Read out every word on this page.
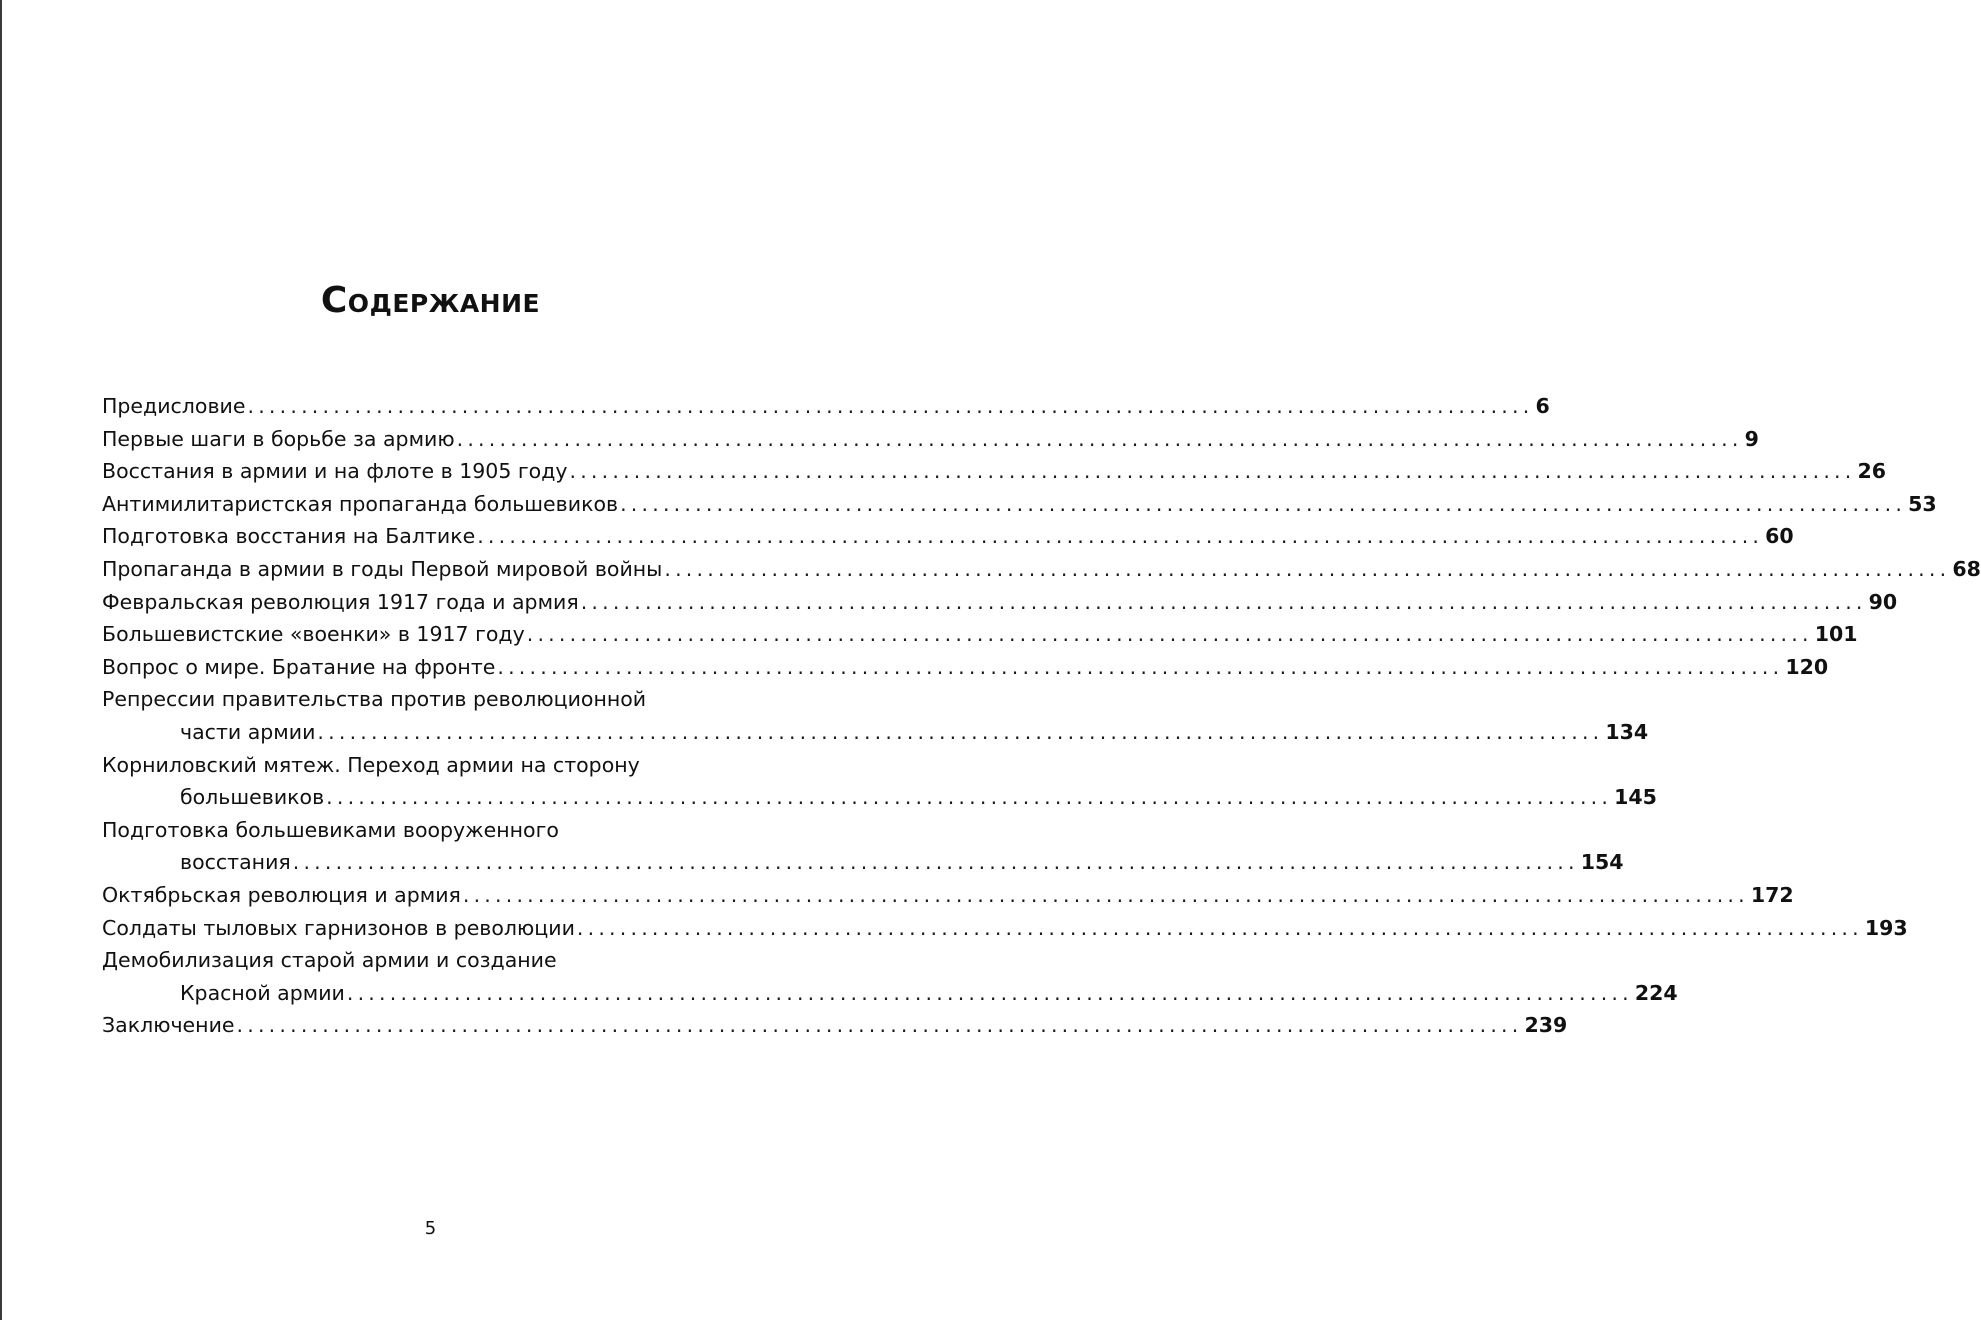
Содержание
Предисловие ........................................................................................................................ 6
Первые шаги в борьбе за армию ........................................................................................................................ 9
Восстания в армии и на флоте в 1905 году ........................................................................................................................ 26
Антимилитаристская пропаганда большевиков ........................................................................................................................ 53
Подготовка восстания на Балтике ........................................................................................................................ 60
Пропаганда в армии в годы Первой мировой войны ........................................................................................................................ 68
Февральская революция 1917 года и армия ........................................................................................................................ 90
Большевистские «военки» в 1917 году ........................................................................................................................ 101
Вопрос о мире. Братание на фронте ........................................................................................................................ 120
Репрессии правительства против революционной
части армии ........................................................................................................................ 134
Корниловский мятеж. Переход армии на сторону
большевиков ........................................................................................................................ 145
Подготовка большевиками вооруженного
восстания ........................................................................................................................ 154
Октябрьская революция и армия ........................................................................................................................ 172
Солдаты тыловых гарнизонов в революции ........................................................................................................................ 193
Демобилизация старой армии и создание
Красной армии ........................................................................................................................ 224
Заключение ........................................................................................................................ 239
5
